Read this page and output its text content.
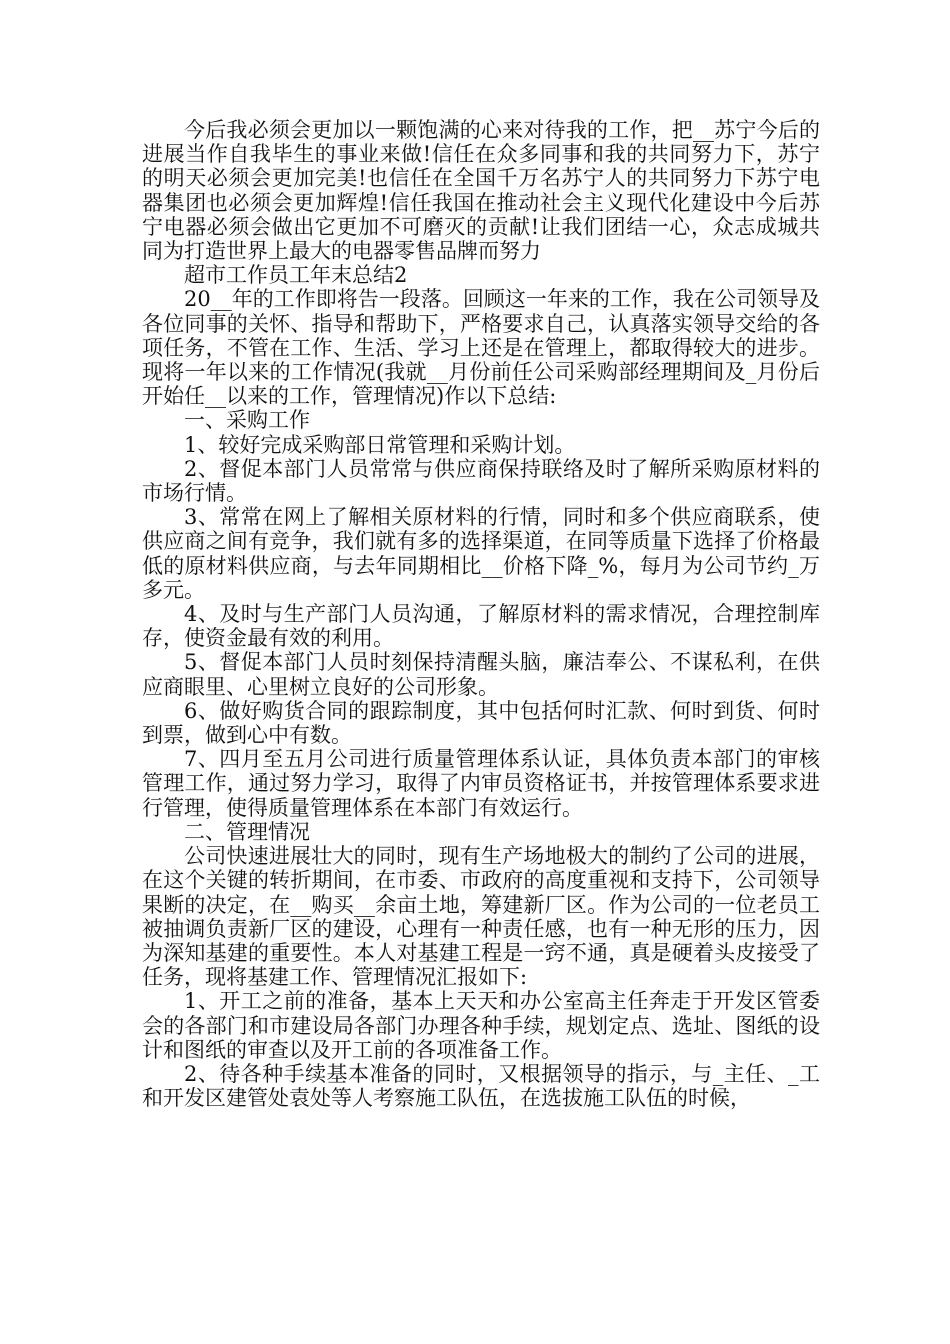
今后我必须会更加以一颗饱满的心来对待我的工作，把__苏宁今后的进展当作自我毕生的事业来做!信任在众多同事和我的共同努力下，苏宁的明天必须会更加完美!也信任在全国千万名苏宁人的共同努力下苏宁电器集团也必须会更加辉煌!信任我国在推动社会主义现代化建设中今后苏宁电器必须会做出它更加不可磨灭的贡献!让我们团结一心，众志成城共同为打造世界上最大的电器零售品牌而努力

超市工作员工年末总结2

20__年的工作即将告一段落。回顾这一年来的工作，我在公司领导及各位同事的关怀、指导和帮助下，严格要求自己，认真落实领导交给的各项任务，不管在工作、生活、学习上还是在管理上，都取得较大的进步。现将一年以来的工作情况(我就__月份前任公司采购部经理期间及_月份后开始任__以来的工作，管理情况)作以下总结:

一、采购工作

1、较好完成采购部日常管理和采购计划。

2、督促本部门人员常常与供应商保持联络及时了解所采购原材料的市场行情。

3、常常在网上了解相关原材料的行情，同时和多个供应商联系，使供应商之间有竞争，我们就有多的选择渠道，在同等质量下选择了价格最低的原材料供应商，与去年同期相比__价格下降_%，每月为公司节约_万多元。

4、及时与生产部门人员沟通，了解原材料的需求情况，合理控制库存，使资金最有效的利用。

5、督促本部门人员时刻保持清醒头脑，廉洁奉公、不谋私利，在供应商眼里、心里树立良好的公司形象。

6、做好购货合同的跟踪制度，其中包括何时汇款、何时到货、何时到票，做到心中有数。

7、四月至五月公司进行质量管理体系认证，具体负责本部门的审核管理工作，通过努力学习，取得了内审员资格证书，并按管理体系要求进行管理，使得质量管理体系在本部门有效运行。

二、管理情况

公司快速进展壮大的同时，现有生产场地极大的制约了公司的进展，在这个关键的转折期间，在市委、市政府的高度重视和支持下，公司领导果断的决定，在__购买__余亩土地，筹建新厂区。作为公司的一位老员工被抽调负责新厂区的建设，心理有一种责任感，也有一种无形的压力，因为深知基建的重要性。本人对基建工程是一窍不通，真是硬着头皮接受了任务，现将基建工作、管理情况汇报如下:

1、开工之前的准备，基本上天天和办公室高主任奔走于开发区管委会的各部门和市建设局各部门办理各种手续，规划定点、选址、图纸的设计和图纸的审查以及开工前的各项准备工作。

2、待各种手续基本准备的同时，又根据领导的指示，与_主任、_工和开发区建管处袁处等人考察施工队伍，在选拔施工队伍的时候，
